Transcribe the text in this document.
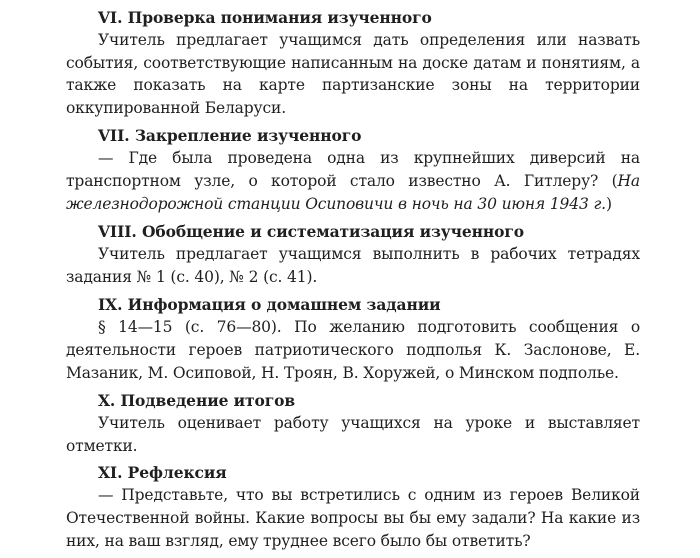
VI. Проверка понимания изученного

Учитель предлагает учащимся дать определения или назвать события, соответствующие написанным на доске датам и понятиям, а также показать на карте партизанские зоны на территории оккупированной Беларуси.

VII. Закрепление изученного

— Где была проведена одна из крупнейших диверсий на транспортном узле, о которой стало известно А. Гитлеру? (На железнодорожной станции Осиповичи в ночь на 30 июня 1943 г.)

VIII. Обобщение и систематизация изученного

Учитель предлагает учащимся выполнить в рабочих тетрадях задания № 1 (с. 40), № 2 (с. 41).

IX. Информация о домашнем задании

§ 14—15 (с. 76—80). По желанию подготовить сообщения о деятельности героев патриотического подполья К. Заслонове, Е. Мазаник, М. Осиповой, Н. Троян, В. Хоружей, о Минском подполье.

X. Подведение итогов

Учитель оценивает работу учащихся на уроке и выставляет отметки.

XI. Рефлексия

— Представьте, что вы встретились с одним из героев Великой Отечественной войны. Какие вопросы вы бы ему задали? На какие из них, на ваш взгляд, ему труднее всего было бы ответить?
